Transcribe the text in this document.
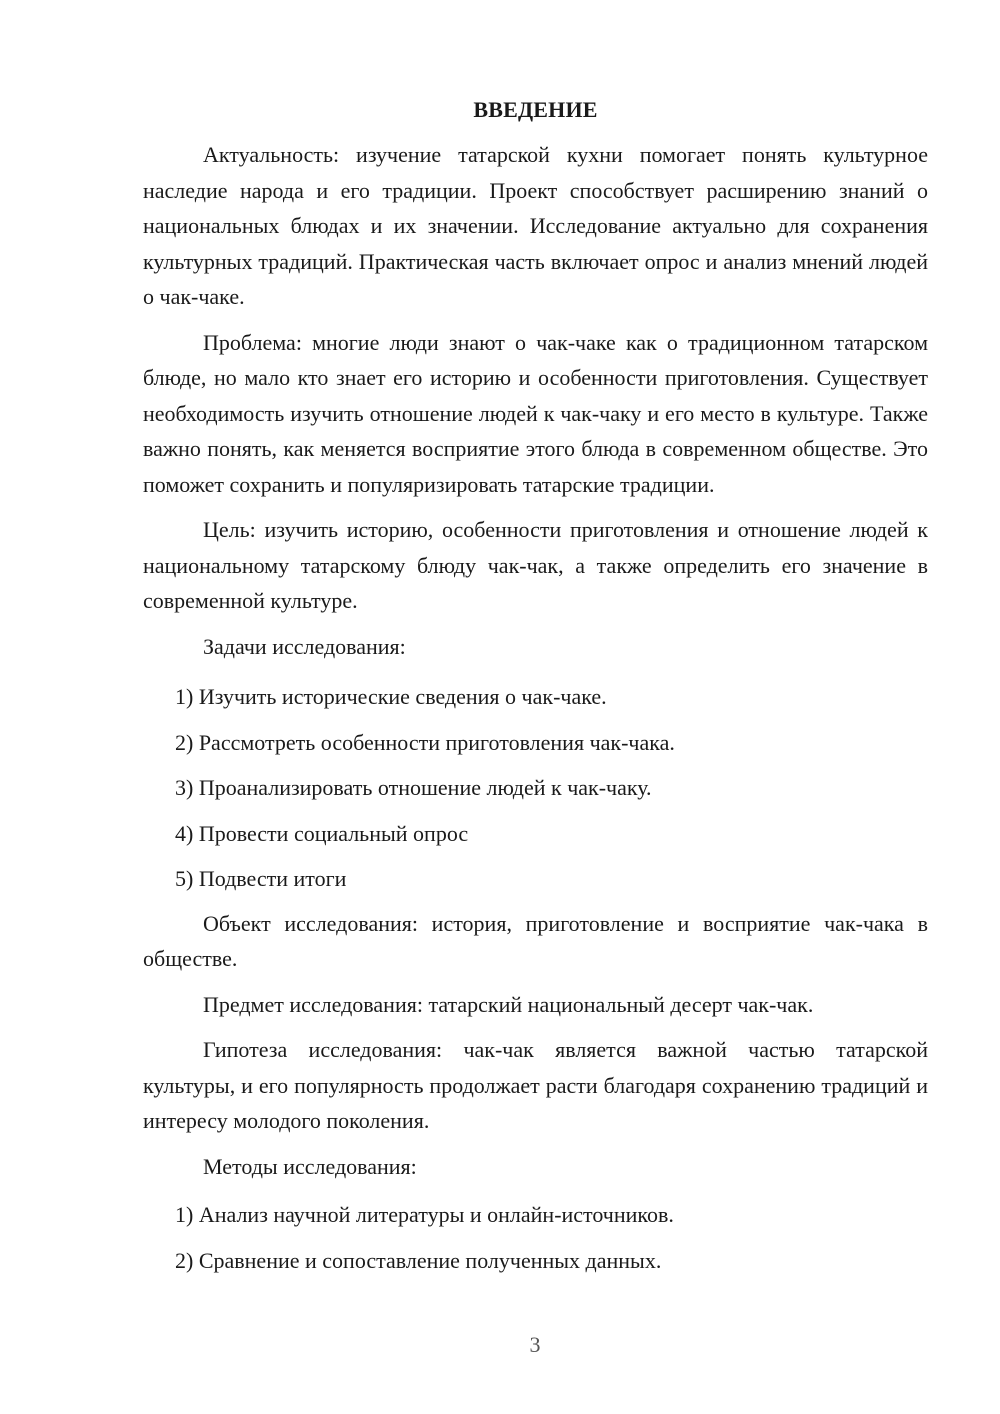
ВВЕДЕНИЕ

Актуальность: изучение татарской кухни помогает понять культурное наследие народа и его традиции. Проект способствует расширению знаний о национальных блюдах и их значении. Исследование актуально для сохранения культурных традиций. Практическая часть включает опрос и анализ мнений людей о чак-чаке.

Проблема: многие люди знают о чак-чаке как о традиционном татарском блюде, но мало кто знает его историю и особенности приготовления. Существует необходимость изучить отношение людей к чак-чаку и его место в культуре. Также важно понять, как меняется восприятие этого блюда в современном обществе. Это поможет сохранить и популяризировать татарские традиции.

Цель: изучить историю, особенности приготовления и отношение людей к национальному татарскому блюду чак-чак, а также определить его значение в современной культуре.

Задачи исследования:

1) Изучить исторические сведения о чак-чаке.
2) Рассмотреть особенности приготовления чак-чака.
3) Проанализировать отношение людей к чак-чаку.
4) Провести социальный опрос
5) Подвести итоги

Объект исследования: история, приготовление и восприятие чак-чака в обществе.

Предмет исследования: татарский национальный десерт чак-чак.

Гипотеза исследования: чак-чак является важной частью татарской культуры, и его популярность продолжает расти благодаря сохранению традиций и интересу молодого поколения.

Методы исследования:

1) Анализ научной литературы и онлайн-источников.
2) Сравнение и сопоставление полученных данных.
3
